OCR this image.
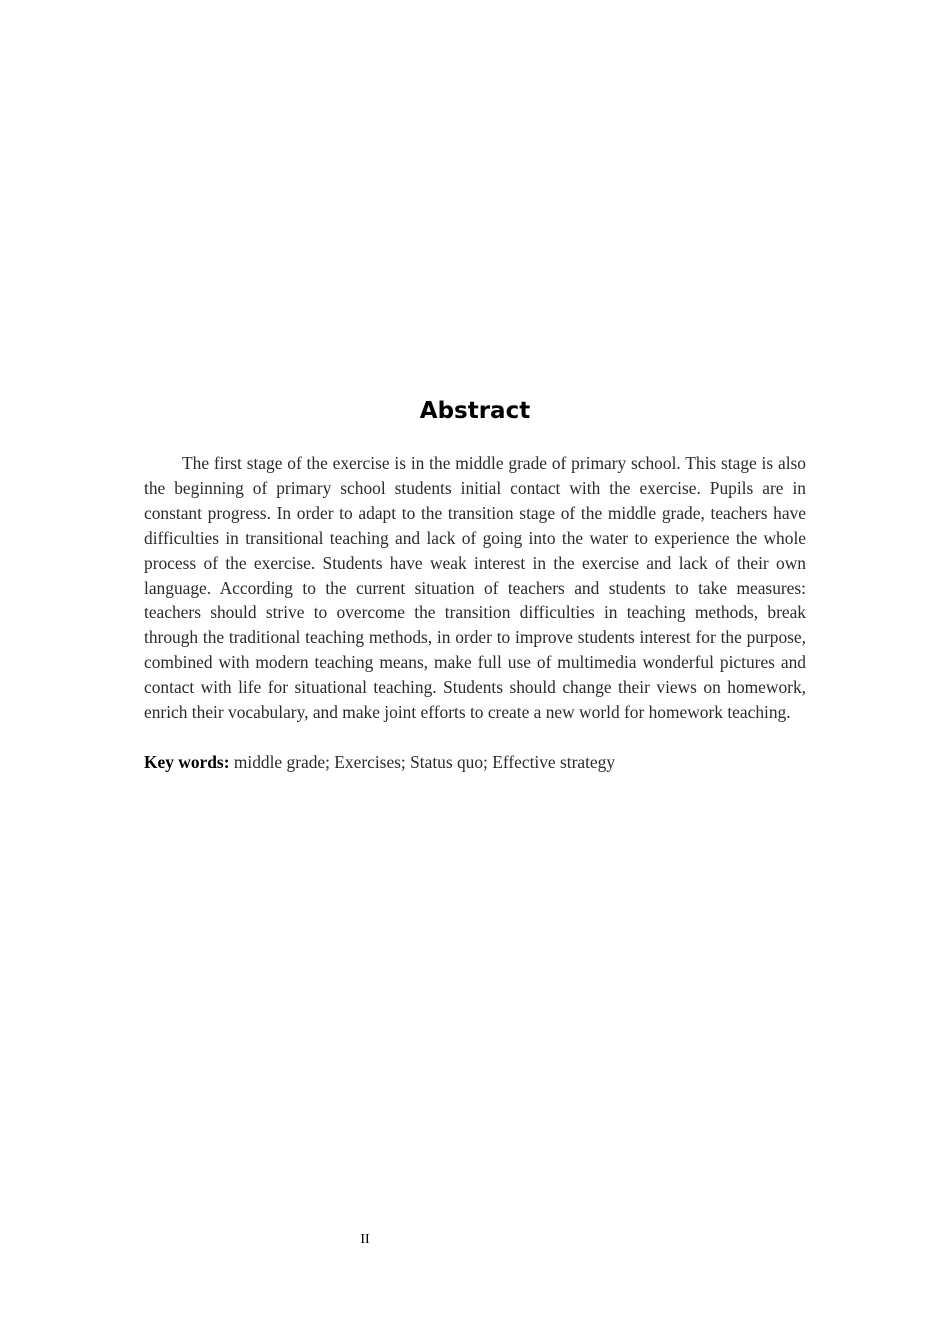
Abstract

The first stage of the exercise is in the middle grade of primary school. This stage is also the beginning of primary school students initial contact with the exercise. Pupils are in constant progress. In order to adapt to the transition stage of the middle grade, teachers have difficulties in transitional teaching and lack of going into the water to experience the whole process of the exercise. Students have weak interest in the exercise and lack of their own language. According to the current situation of teachers and students to take measures: teachers should strive to overcome the transition difficulties in teaching methods, break through the traditional teaching methods, in order to improve students interest for the purpose, combined with modern teaching means, make full use of multimedia wonderful pictures and contact with life for situational teaching. Students should change their views on homework, enrich their vocabulary, and make joint efforts to create a new world for homework teaching.

Key words: middle grade; Exercises; Status quo; Effective strategy

II
